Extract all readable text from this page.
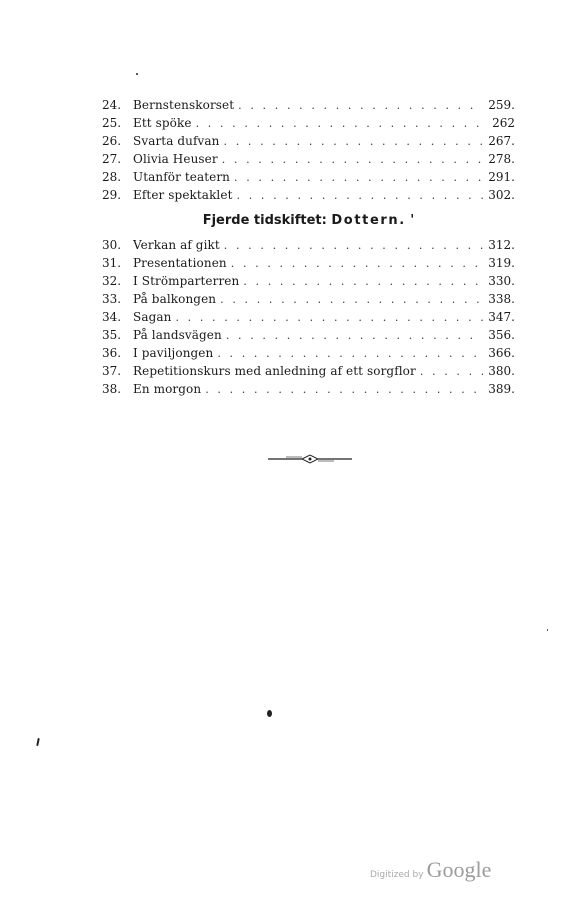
24. Bernstenskorset . . .	259.
25. Ett spöke . . .	262
26. Svarta dufvan . . .	267.
27. Olivia Heuser . . .	278.
28. Utanför teatern . . .	291.
29. Efter spektaklet . . .	302.
Fjerde tidskiftet: Dottern. '
30. Verkan af gikt . . .	312.
31. Presentationen . . .	319.
32. I Strömparterren . . .	330.
33. På balkongen . . .	338.
34. Sagan . . .	347.
35. På landsvägen . . .	356.
36. I paviljongen . . .	366.
37. Repetitionskurs med anledning af ett sorgflor . . .	380.
38. En morgon . . .	389.
Digitized by Google
